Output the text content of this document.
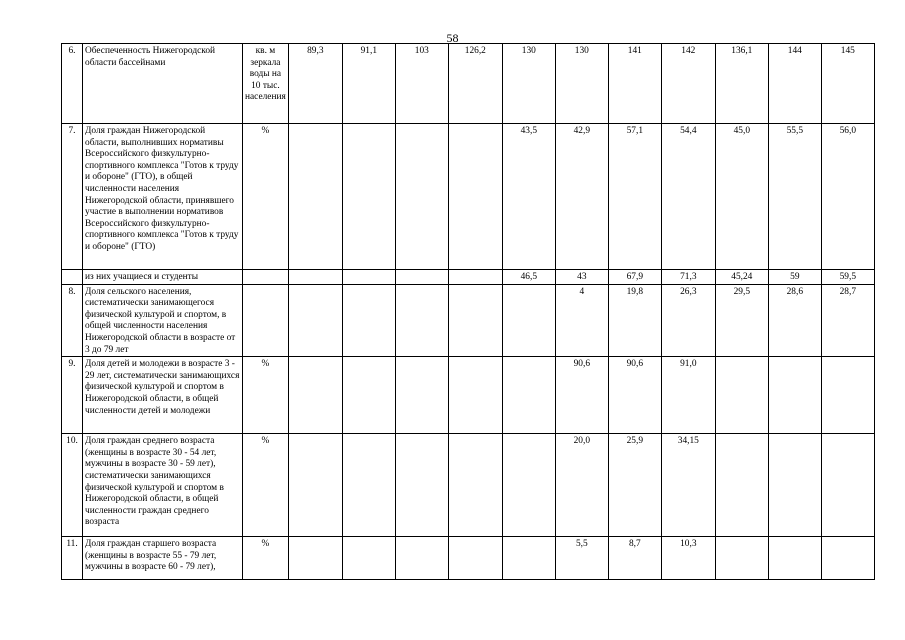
58
6.	Обеспеченность Нижегородской области бассейнами	кв. м зеркала воды на 10 тыс. населения	89,3	91,1	103	126,2	130	130	141	142	136,1	144	145
7.	Доля граждан Нижегородской области, выполнивших нормативы Всероссийского физкультурно-спортивного комплекса "Готов к труду и обороне" (ГТО), в общей численности населения Нижегородской области, принявшего участие в выполнении нормативов Всероссийского физкультурно-спортивного комплекса "Готов к труду и обороне" (ГТО)	%					43,5	42,9	57,1	54,4	45,0	55,5	56,0
	из них учащиеся и студенты						46,5	43	67,9	71,3	45,24	59	59,5
8.	Доля сельского населения, систематически занимающегося физической культурой и спортом, в общей численности населения Нижегородской области в возрасте от 3 до 79 лет							4	19,8	26,3	29,5	28,6	28,7
9.	Доля детей и молодежи в возрасте 3 - 29 лет, систематически занимающихся физической культурой и спортом в Нижегородской области, в общей численности детей и молодежи	%						90,6	90,6	91,0			
10.	Доля граждан среднего возраста (женщины в возрасте 30 - 54 лет, мужчины в возрасте 30 - 59 лет), систематически занимающихся физической культурой и спортом в Нижегородской области, в общей численности граждан среднего возраста	%						20,0	25,9	34,15			
11.	Доля граждан старшего возраста (женщины в возрасте 55 - 79 лет, мужчины в возрасте 60 - 79 лет),	%						5,5	8,7	10,3			
